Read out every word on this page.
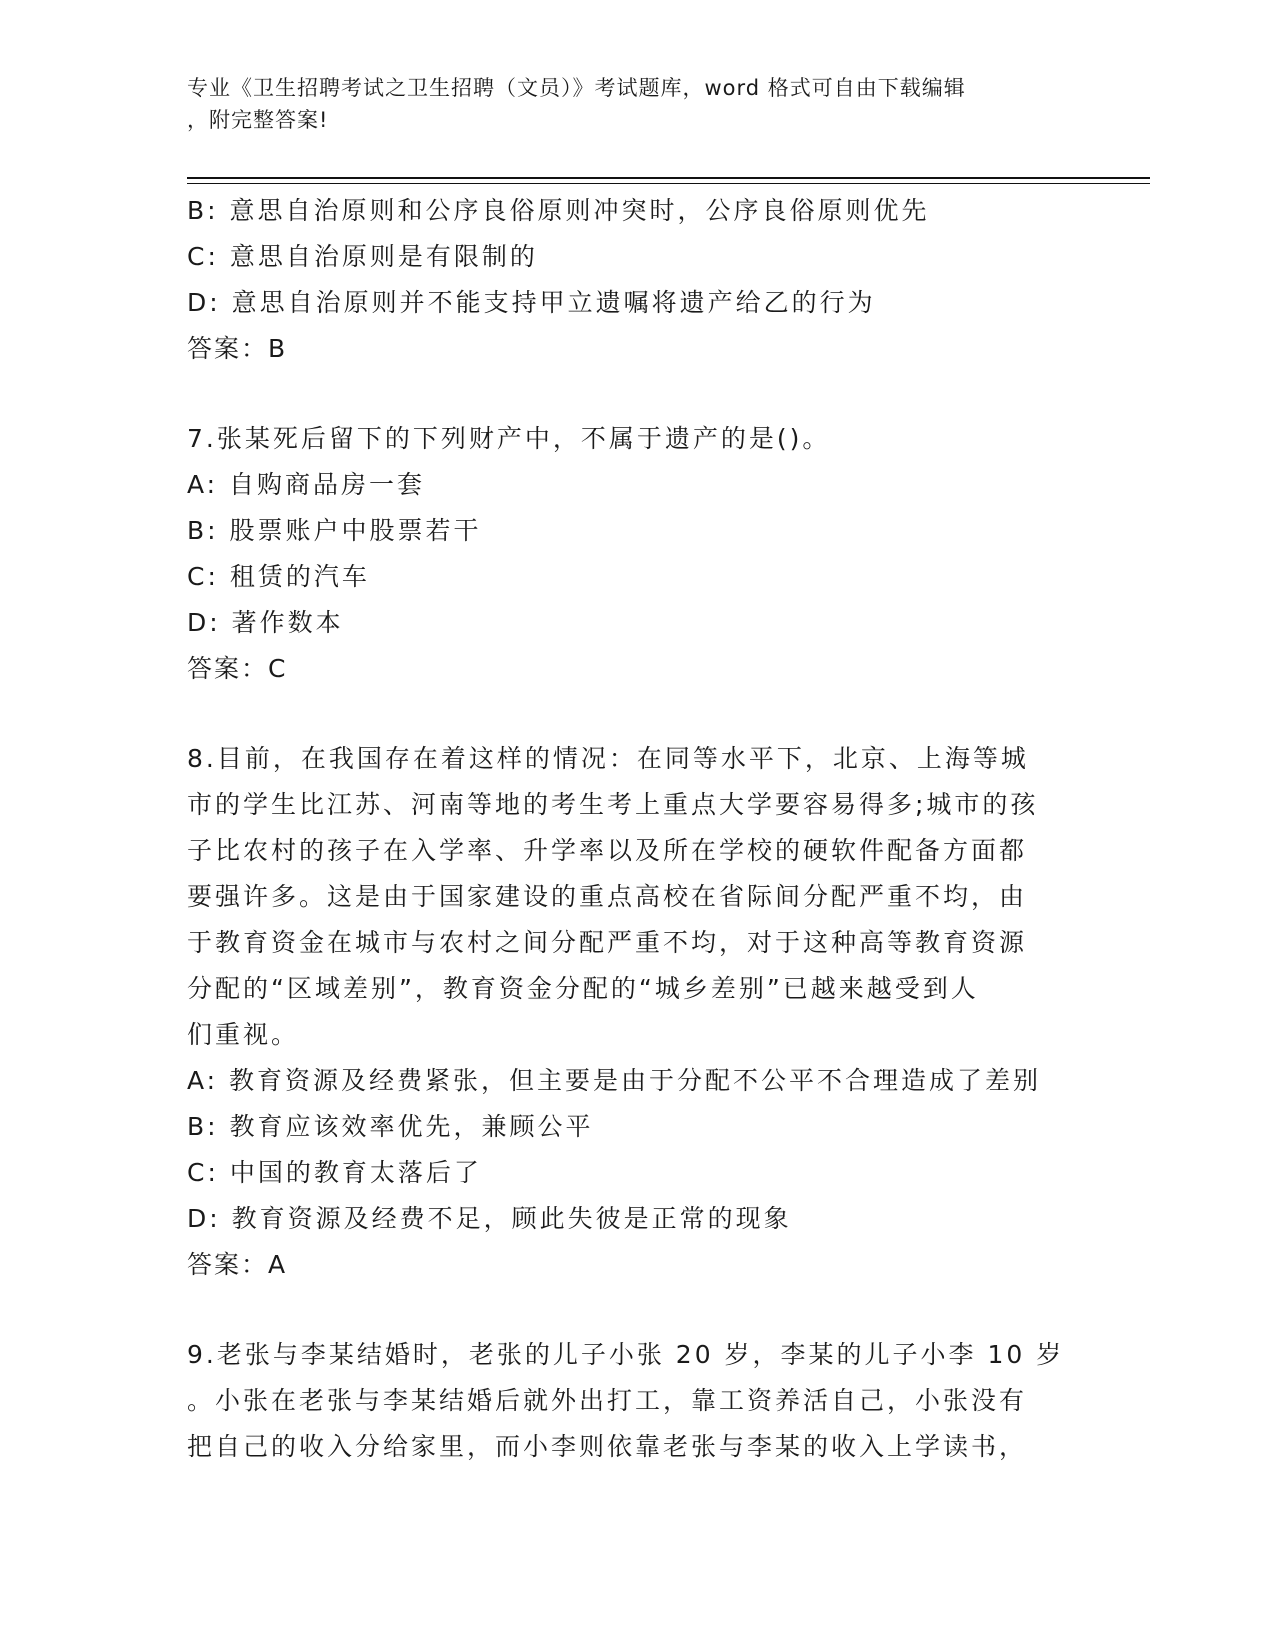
专业《卫生招聘考试之卫生招聘（文员）》考试题库，word 格式可自由下载编辑
，附完整答案!
B: 意思自治原则和公序良俗原则冲突时，公序良俗原则优先
C: 意思自治原则是有限制的
D: 意思自治原则并不能支持甲立遗嘱将遗产给乙的行为
答案：B
7.张某死后留下的下列财产中，不属于遗产的是()。
A: 自购商品房一套
B: 股票账户中股票若干
C: 租赁的汽车
D: 著作数本
答案：C
8.目前，在我国存在着这样的情况：在同等水平下，北京、上海等城
市的学生比江苏、河南等地的考生考上重点大学要容易得多;城市的孩
子比农村的孩子在入学率、升学率以及所在学校的硬软件配备方面都
要强许多。这是由于国家建设的重点高校在省际间分配严重不均，由
于教育资金在城市与农村之间分配严重不均，对于这种高等教育资源
分配的“区域差别”，教育资金分配的“城乡差别”已越来越受到人
们重视。
A: 教育资源及经费紧张，但主要是由于分配不公平不合理造成了差别
B: 教育应该效率优先，兼顾公平
C: 中国的教育太落后了
D: 教育资源及经费不足，顾此失彼是正常的现象
答案：A
9.老张与李某结婚时，老张的儿子小张 20 岁，李某的儿子小李 10 岁
。小张在老张与李某结婚后就外出打工，靠工资养活自己，小张没有
把自己的收入分给家里，而小李则依靠老张与李某的收入上学读书，
